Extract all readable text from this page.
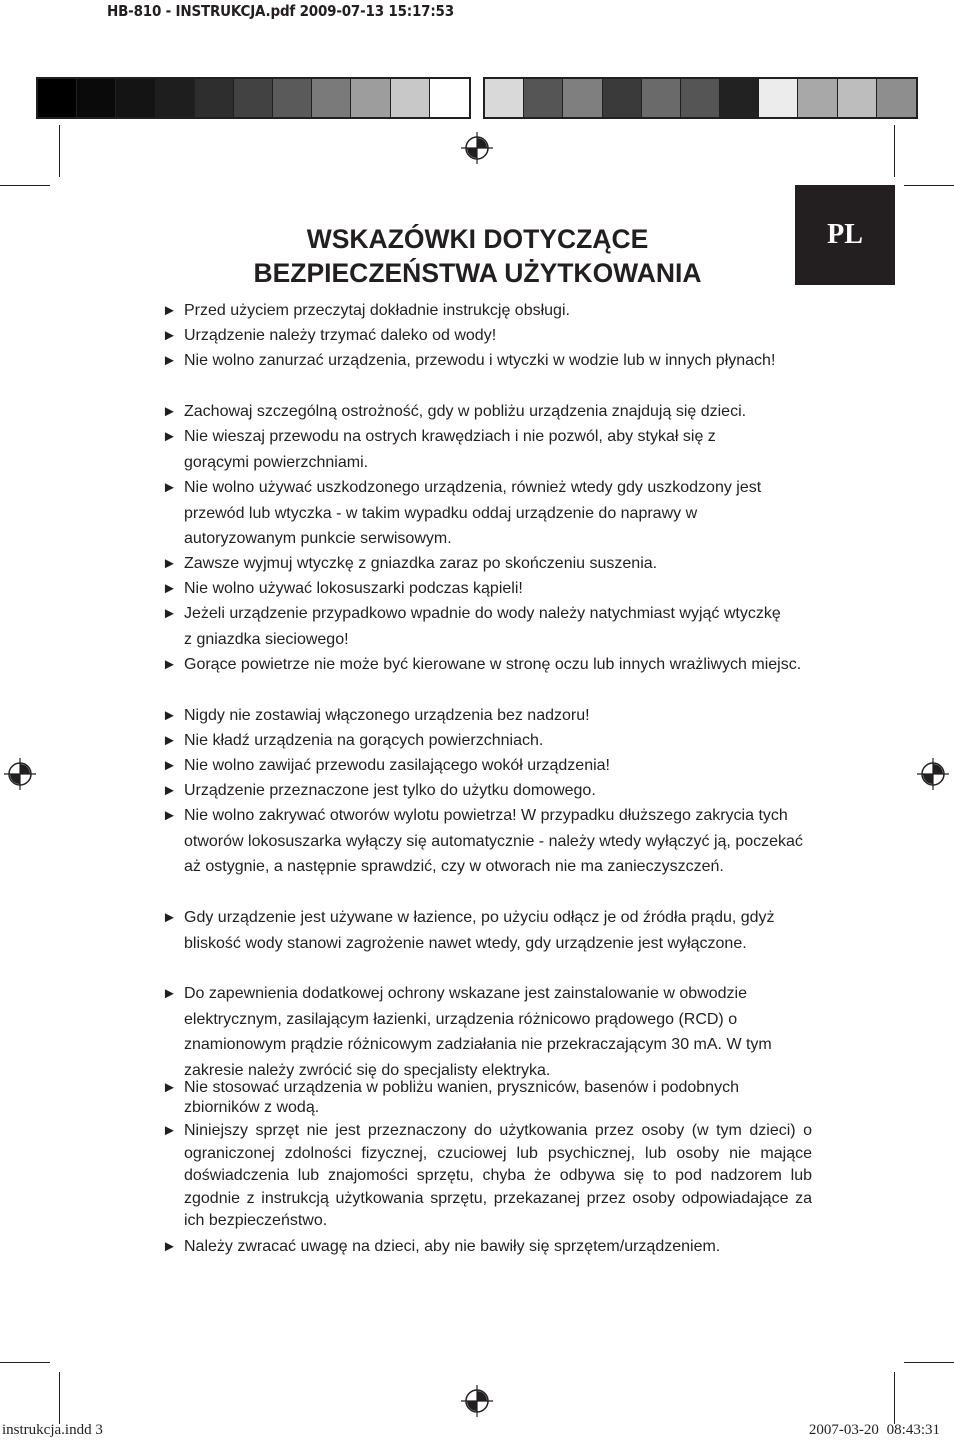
HB-810 - INSTRUKCJA.pdf 2009-07-13 15:17:53
PL
WSKAZÓWKI DOTYCZĄCE
BEZPIECZEŃSTWA UŻYTKOWANIA
► Przed użyciem przeczytaj dokładnie instrukcję obsługi.
► Urządzenie należy trzymać daleko od wody!
► Nie wolno zanurzać urządzenia, przewodu i wtyczki w wodzie lub w innych płynach!
► Zachowaj szczególną ostrożność, gdy w pobliżu urządzenia znajdują się dzieci.
► Nie wieszaj przewodu na ostrych krawędziach i nie pozwól, aby stykał się z gorącymi powierzchniami.
► Nie wolno używać uszkodzonego urządzenia, również wtedy gdy uszkodzony jest przewód lub wtyczka - w takim wypadku oddaj urządzenie do naprawy w autoryzowanym punkcie serwisowym.
► Zawsze wyjmuj wtyczkę z gniazdka zaraz po skończeniu suszenia.
► Nie wolno używać lokosuszarki podczas kąpieli!
► Jeżeli urządzenie przypadkowo wpadnie do wody należy natychmiast wyjąć wtyczkę z gniazdka sieciowego!
► Gorące powietrze nie może być kierowane w stronę oczu lub innych wrażliwych miejsc.
► Nigdy nie zostawiaj włączonego urządzenia bez nadzoru!
► Nie kładź urządzenia na gorących powierzchniach.
► Nie wolno zawijać przewodu zasilającego wokół urządzenia!
► Urządzenie przeznaczone jest tylko do użytku domowego.
► Nie wolno zakrywać otworów wylotu powietrza! W przypadku dłuższego zakrycia tych otworów lokosuszarka wyłączy się automatycznie - należy wtedy wyłączyć ją, poczekać aż ostygnie, a następnie sprawdzić, czy w otworach nie ma zanieczyszczeń.
► Gdy urządzenie jest używane w łazience, po użyciu odłącz je od źródła prądu, gdyż bliskość wody stanowi zagrożenie nawet wtedy, gdy urządzenie jest wyłączone.
► Do zapewnienia dodatkowej ochrony wskazane jest zainstalowanie w obwodzie elektrycznym, zasilającym łazienki, urządzenia różnicowo prądowego (RCD) o znamionowym prądzie różnicowym zadziałania nie przekraczającym 30 mA. W tym zakresie należy zwrócić się do specjalisty elektryka.
► Nie stosować urządzenia w pobliżu wanien, pryszniców, basenów i podobnych zbiorników z wodą.
► Niniejszy sprzęt nie jest przeznaczony do użytkowania przez osoby (w tym dzieci) o ograniczonej zdolności fizycznej, czuciowej lub psychicznej, lub osoby nie mające doświadczenia lub znajomości sprzętu, chyba że odbywa się to pod nadzorem lub zgodnie z instrukcją użytkowania sprzętu, przekazanej przez osoby odpowiadające za ich bezpieczeństwo.
► Należy zwracać uwagę na dzieci, aby nie bawiły się sprzętem/urządzeniem.
instrukcja.indd 3	2007-03-20 08:43:31
